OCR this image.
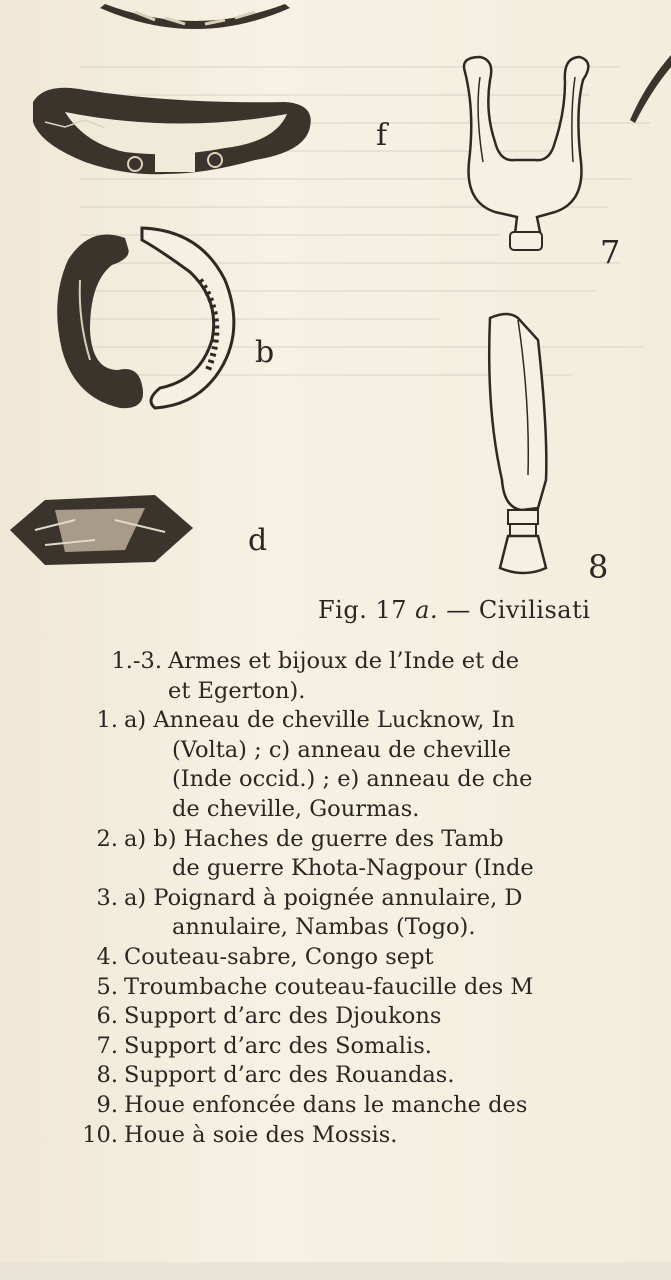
f
b
d
7
8
Fig. 17 a. — Civilisati
1.-3. Armes et bijoux de l’Inde et de
et Egerton).
1. a) Anneau de cheville Lucknow, In
(Volta) ; c) anneau de cheville
(Inde occid.) ; e) anneau de che
de cheville, Gourmas.
2. a) b) Haches de guerre des Tamb
de guerre Khota-Nagpour (Inde
3. a) Poignard à poignée annulaire, D
annulaire, Nambas (Togo).
4. Couteau-sabre, Congo sept
5. Troumbache couteau-faucille des M
6. Support d’arc des Djoukons
7. Support d’arc des Somalis.
8. Support d’arc des Rouandas.
9. Houe enfoncée dans le manche des
10. Houe à soie des Mossis.
